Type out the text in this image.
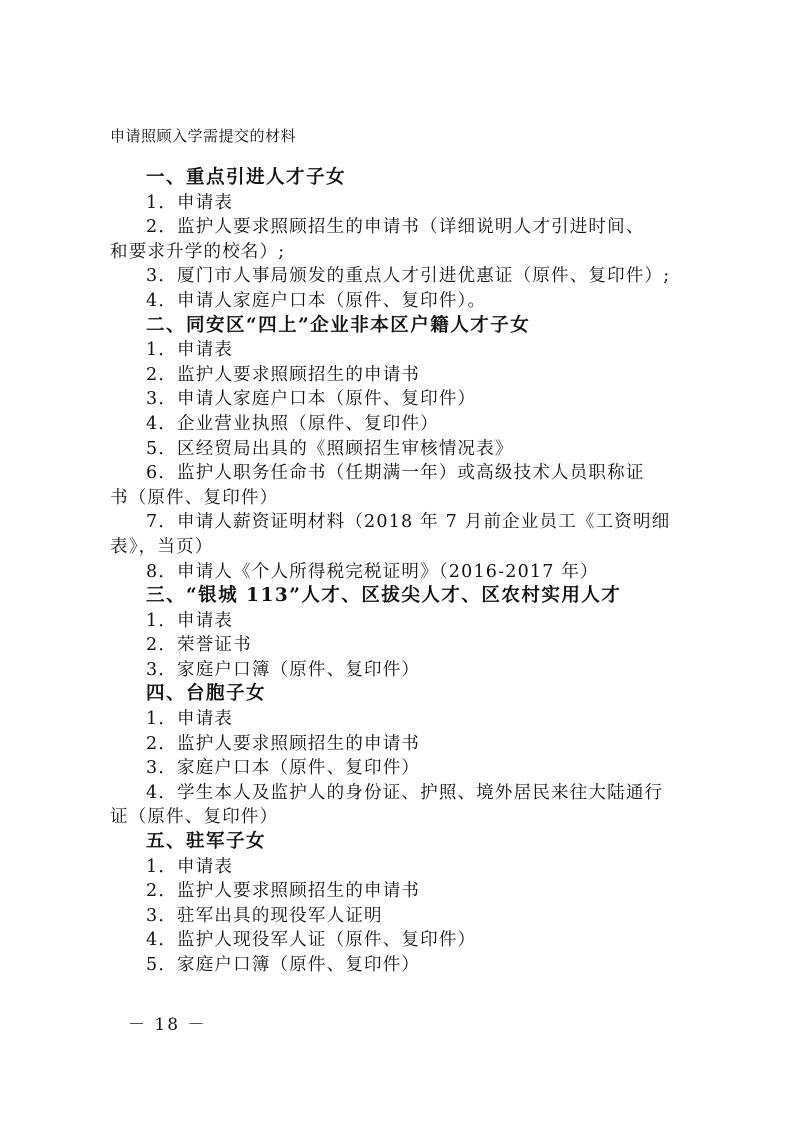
申请照顾入学需提交的材料
一、重点引进人才子女
1．申请表
2．监护人要求照顾招生的申请书（详细说明人才引进时间、
和要求升学的校名）;
3．厦门市人事局颁发的重点人才引进优惠证（原件、复印件）;
4．申请人家庭户口本（原件、复印件）。
二、同安区“四上”企业非本区户籍人才子女
1．申请表
2．监护人要求照顾招生的申请书
3．申请人家庭户口本（原件、复印件）
4．企业营业执照（原件、复印件）
5．区经贸局出具的《照顾招生审核情况表》
6．监护人职务任命书（任期满一年）或高级技术人员职称证
书（原件、复印件）
7．申请人薪资证明材料（2018 年 7 月前企业员工《工资明细
表》，当页）
8．申请人《个人所得税完税证明》（2016-2017 年）
三、“银城 113”人才、区拔尖人才、区农村实用人才
1．申请表
2．荣誉证书
3．家庭户口簿（原件、复印件）
四、台胞子女
1．申请表
2．监护人要求照顾招生的申请书
3．家庭户口本（原件、复印件）
4．学生本人及监护人的身份证、护照、境外居民来往大陆通行
证（原件、复印件）
五、驻军子女
1．申请表
2．监护人要求照顾招生的申请书
3．驻军出具的现役军人证明
4．监护人现役军人证（原件、复印件）
5．家庭户口簿（原件、复印件）
－ 18 －
